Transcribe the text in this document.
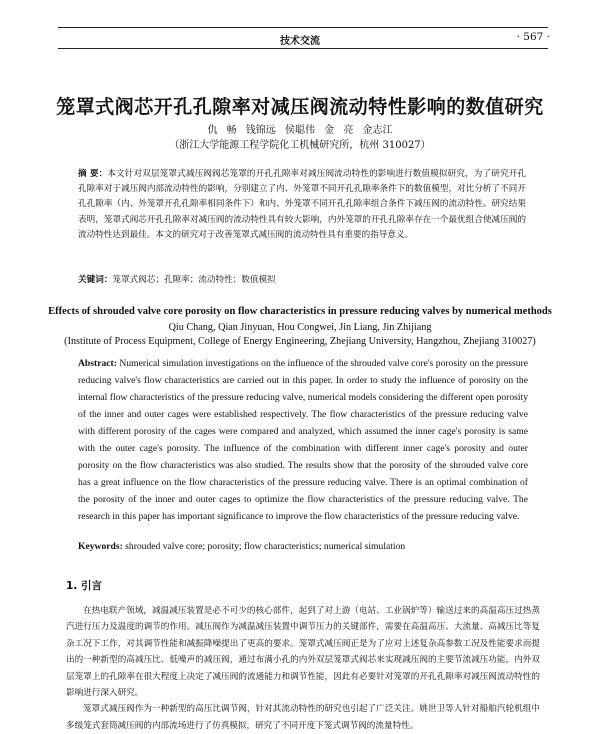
技术交流	· 567 ·
笼罩式阀芯开孔孔隙率对减压阀流动特性影响的数值研究
仇 畅 钱锦远 侯聪伟 金 亮 金志江
（浙江大学能源工程学院化工机械研究所，杭州 310027）
摘 要：本文针对双层笼罩式减压阀阀芯笼罩的开孔孔隙率对减压阀流动特性的影响进行数值模拟研究，为了研究开孔孔隙率对于减压阀内部流动特性的影响，分别建立了内、外笼罩不同开孔孔隙率条件下的数值模型，对比分析了不同开孔孔隙率（内、外笼罩开孔孔隙率相同条件下）和内、外笼罩不同开孔孔隙率组合条件下减压阀的流动特性。研究结果表明，笼罩式阀芯开孔孔隙率对减压阀的流动特性具有较大影响，内外笼罩的开孔孔隙率存在一个最优组合使减压阀的流动特性达到最佳。本文的研究对于改善笼罩式减压阀的流动特性具有重要的指导意义。
关键词：笼罩式阀芯；孔隙率；流动特性；数值模拟
Effects of shrouded valve core porosity on flow characteristics in pressure reducing valves by numerical methods
Qiu Chang, Qian Jinyuan, Hou Congwei, Jin Liang, Jin Zhijiang
(Institute of Process Equipment, College of Energy Engineering, Zhejiang University, Hangzhou, Zhejiang 310027)
Abstract: Numerical simulation investigations on the influence of the shrouded valve core's porosity on the pressure reducing valve's flow characteristics are carried out in this paper. In order to study the influence of porosity on the internal flow characteristics of the pressure reducing valve, numerical models considering the different open porosity of the inner and outer cages were established respectively. The flow characteristics of the pressure reducing valve with different porosity of the cages were compared and analyzed, which assumed the inner cage's porosity is same with the outer cage's porosity. The influence of the combination with different inner cage's porosity and outer porosity on the flow characteristics was also studied. The results show that the porosity of the shrouded valve core has a great influence on the flow characteristics of the pressure reducing valve. There is an optimal combination of the porosity of the inner and outer cages to optimize the flow characteristics of the pressure reducing valve. The research in this paper has important significance to improve the flow characteristics of the pressure reducing valve.
Keywords: shrouded valve core; porosity; flow characteristics; numerical simulation
1. 引言

在热电联产领域，减温减压装置是必不可少的核心部件，起到了对上游（电站、工业锅炉等）输送过来的高温高压过热蒸汽进行压力及温度的调节的作用。减压阀作为减温减压装置中调节压力的关键部件，需要在高温高压、大流量、高减压比等复杂工况下工作，对其调节性能和减振降噪提出了更高的要求。笼罩式减压阀正是为了应对上述复杂高参数工况及性能要求而提出的一种新型的高减压比、低噪声的减压阀，通过布满小孔的内外双层笼罩式阀芯来实现减压阀的主要节流减压功能，内外双层笼罩上的孔隙率在很大程度上决定了减压阀的流通能力和调节性能，因此有必要针对笼罩的开孔孔隙率对减压阀流动特性的影响进行深入研究。

笼罩式减压阀作为一种新型的高压比调节阀，针对其流动特性的研究也引起了广泛关注。姚世卫等人针对船舶汽轮机组中多级笼式套筒减压阀的内部流场进行了仿真模拟，研究了不同开度下笼式调节阀的流量特性。
